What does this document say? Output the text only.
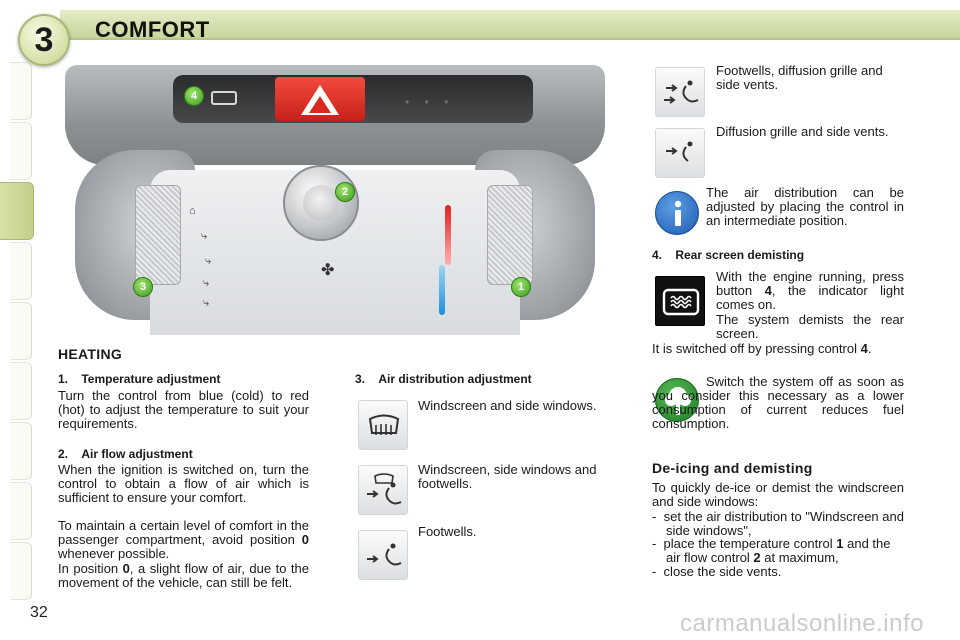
3	COMFORT
• • •
✤
⌂
⤷
⤷
⤷
⤷
4
2
3	1
HEATING
1.    Temperature adjustment
Turn the control from blue (cold) to red (hot) to adjust the temperature to suit your requirements.
2.    Air flow adjustment
When the ignition is switched on, turn the control to obtain a flow of air which is sufficient to ensure your comfort.
To maintain a certain level of comfort in the passenger compartment, avoid position 0 whenever possible.
In position 0, a slight flow of air, due to the movement of the vehicle, can still be felt.
3.    Air distribution adjustment
Windscreen and side windows.
Windscreen, side windows and footwells.
Footwells.
Footwells, diffusion grille and side vents.
Diffusion grille and side vents.
The air distribution can be adjusted by placing the control in an intermediate position.
4.    Rear screen demisting
With the engine running, press button 4, the indicator light comes on.
The system demists the rear screen.
It is switched off by pressing control 4.
Switch the system off as soon as you consider this necessary as a lower consumption of current reduces fuel consumption.
De-icing and demisting
To quickly de-ice or demist the windscreen and side windows:
-  set the air distribution to "Windscreen and side windows",
-  place the temperature control 1 and the air flow control 2 at maximum,
-  close the side vents.
32	carmanualsonline.info
